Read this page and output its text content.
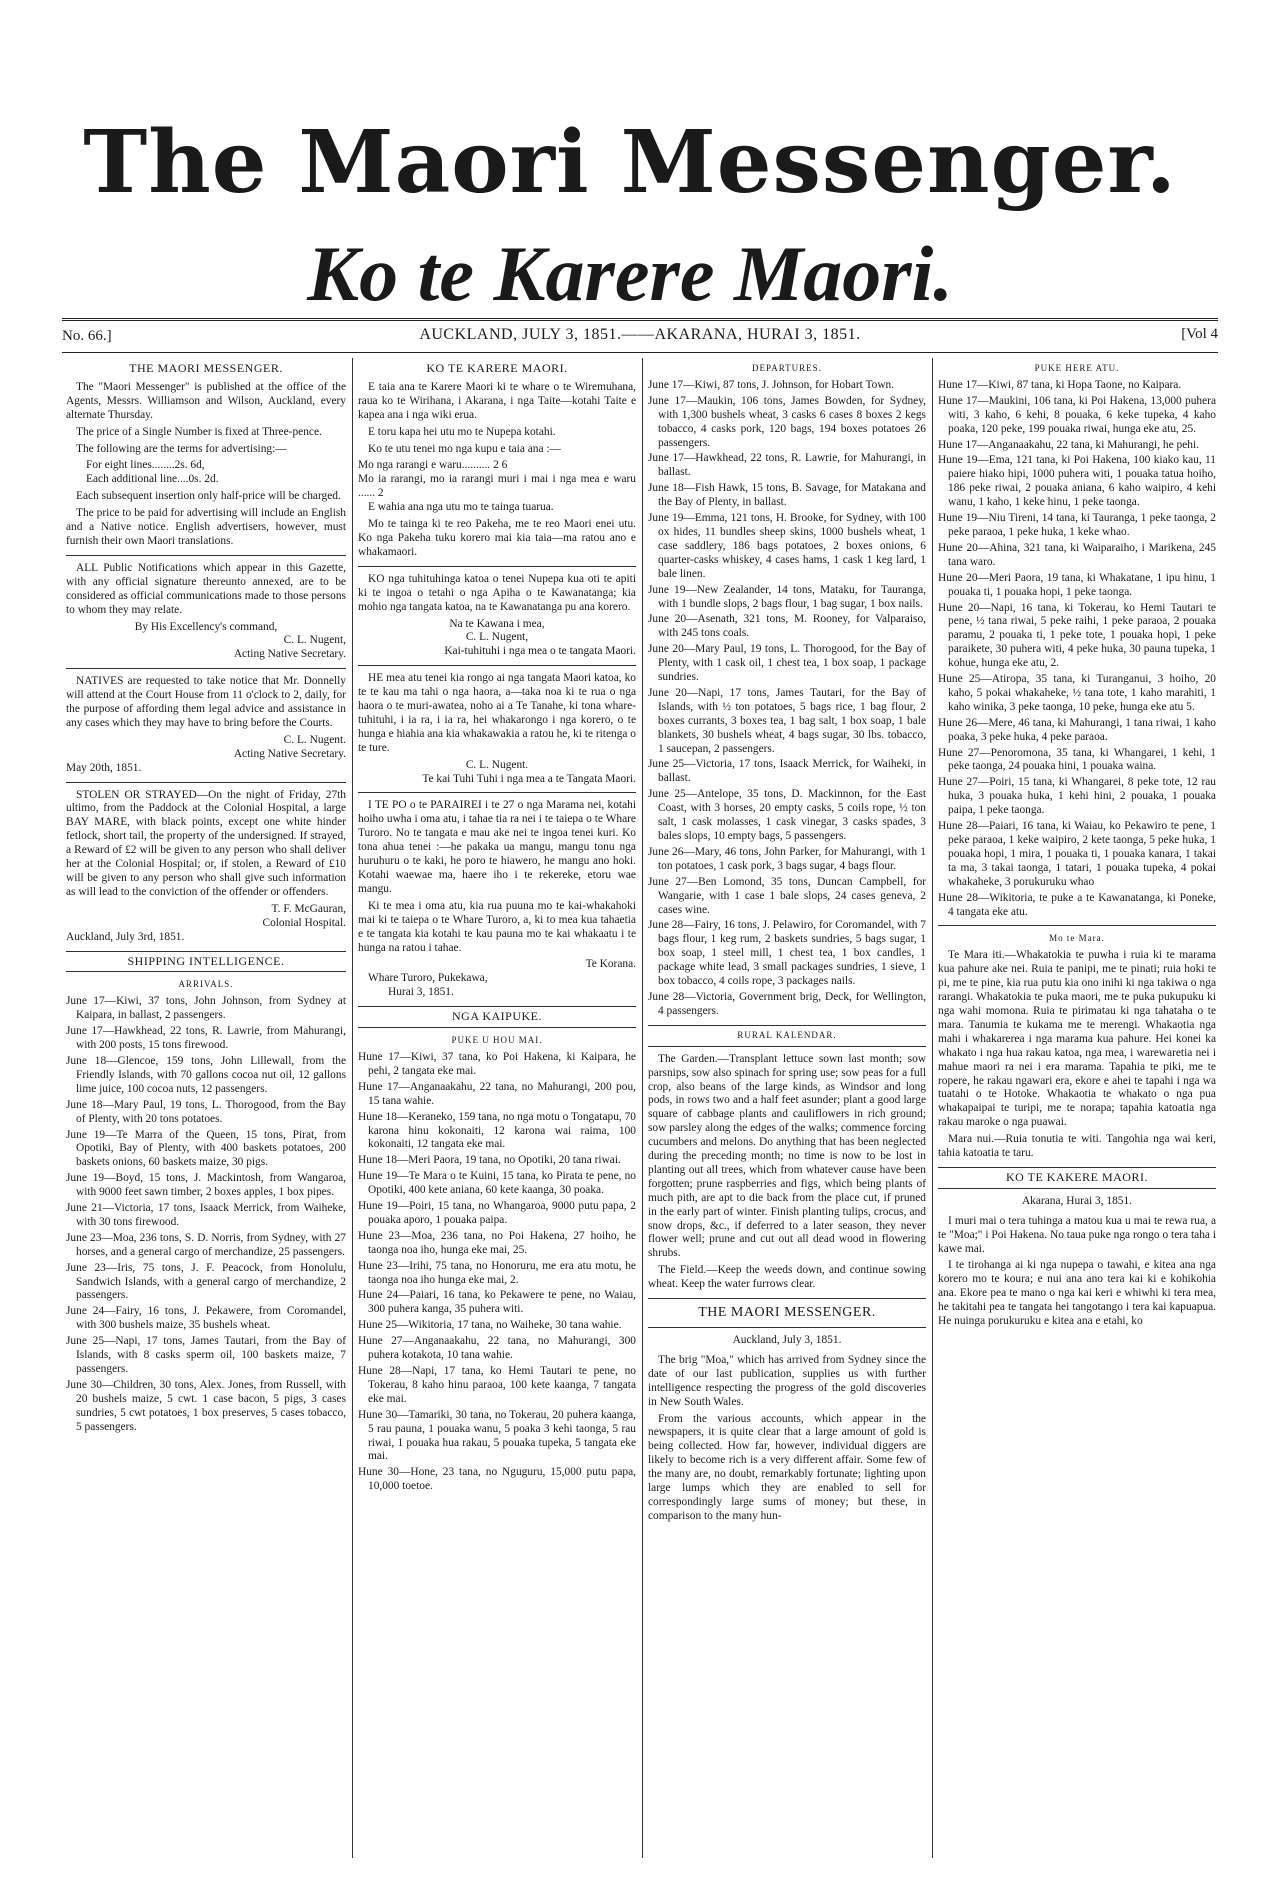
The Maori Messenger.
Ko te Karere Maori.
No. 66.]	AUCKLAND, JULY 3, 1851.——AKARANA, HURAI 3, 1851.	[Vol 4
THE MAORI MESSENGER.

The "Maori Messenger" is published at the office of the Agents, Messrs. Williamson and Wilson, Auckland, every alternate Thursday.

The price of a Single Number is fixed at Three-pence.

The following are the terms for advertising:—

For eight lines........2s. 6d,

Each additional line....0s. 2d.

Each subsequent insertion only half-price will be charged.

The price to be paid for advertising will include an English and a Native notice. English advertisers, however, must furnish their own Maori translations.

ALL Public Notifications which appear in this Gazette, with any official signature thereunto annexed, are to be considered as official communications made to those persons to whom they may relate.

By His Excellency's command,

C. L. Nugent,

Acting Native Secretary.

NATIVES are requested to take notice that Mr. Donnelly will attend at the Court House from 11 o'clock to 2, daily, for the purpose of affording them legal advice and assistance in any cases which they may have to bring before the Courts.

C. L. Nugent.

Acting Native Secretary.

May 20th, 1851.

STOLEN OR STRAYED—On the night of Friday, 27th ultimo, from the Paddock at the Colonial Hospital, a large BAY MARE, with black points, except one white hinder fetlock, short tail, the property of the undersigned. If strayed, a Reward of £2 will be given to any person who shall deliver her at the Colonial Hospital; or, if stolen, a Reward of £10 will be given to any person who shall give such information as will lead to the conviction of the offender or offenders.

T. F. McGauran,

Colonial Hospital.

Auckland, July 3rd, 1851.

SHIPPING INTELLIGENCE.
ARRIVALS.

June 17—Kiwi, 37 tons, John Johnson, from Sydney at Kaipara, in ballast, 2 passengers.

June 17—Hawkhead, 22 tons, R. Lawrie, from Mahurangi, with 200 posts, 15 tons firewood.

June 18—Glencoe, 159 tons, John Lillewall, from the Friendly Islands, with 70 gallons cocoa nut oil, 12 gallons lime juice, 100 cocoa nuts, 12 passengers.

June 18—Mary Paul, 19 tons, L. Thorogood, from the Bay of Plenty, with 20 tons potatoes.

June 19—Te Marra of the Queen, 15 tons, Pirat, from Opotiki, Bay of Plenty, with 400 baskets potatoes, 200 baskets onions, 60 baskets maize, 30 pigs.

June 19—Boyd, 15 tons, J. Mackintosh, from Wangaroa, with 9000 feet sawn timber, 2 boxes apples, 1 box pipes.

June 21—Victoria, 17 tons, Isaack Merrick, from Waiheke, with 30 tons firewood.

June 23—Moa, 236 tons, S. D. Norris, from Sydney, with 27 horses, and a general cargo of merchandize, 25 passengers.

June 23—Iris, 75 tons, J. F. Peacock, from Honolulu, Sandwich Islands, with a general cargo of merchandize, 2 passengers.

June 24—Fairy, 16 tons, J. Pekawere, from Coromandel, with 300 bushels maize, 35 bushels wheat.

June 25—Napi, 17 tons, James Tautari, from the Bay of Islands, with 8 casks sperm oil, 100 baskets maize, 7 passengers.

June 30—Children, 30 tons, Alex. Jones, from Russell, with 20 bushels maize, 5 cwt. 1 case bacon, 5 pigs, 3 cases sundries, 5 cwt potatoes, 1 box preserves, 5 cases tobacco, 5 passengers.

KO TE KARERE MAORI.

E taia ana te Karere Maori ki te whare o te Wiremuhana, raua ko te Wirihana, i Akarana, i nga Taite—kotahi Taite e kapea ana i nga wiki erua.

E toru kapa hei utu mo te Nupepa kotahi.

Ko te utu tenei mo nga kupu e taia ana :—

Mo nga rarangi e waru.......... 2 6

Mo ia rarangi, mo ia rarangi muri i mai i nga mea e waru ...... 2

E wahia ana nga utu mo te tainga tuarua.

Mo te tainga ki te reo Pakeha, me te reo Maori enei utu. Ko nga Pakeha tuku korero mai kia taia—ma ratou ano e whakamaori.

KO nga tuhituhinga katoa o tenei Nupepa kua oti te apiti ki te ingoa o tetahi o nga Apiha o te Kawanatanga; kia mohio nga tangata katoa, na te Kawanatanga pu ana korero.

Na te Kawana i mea,

C. L. Nugent,

Kai-tuhituhi i nga mea o te tangata Maori.

HE mea atu tenei kia rongo ai nga tangata Maori katoa, ko te te kau ma tahi o nga haora, a—taka noa ki te rua o nga haora o te muri-awatea, noho ai a Te Tanahe, ki tona whare-tuhituhi, i ia ra, i ia ra, hei whakarongo i nga korero, o te hunga e hiahia ana kia whakawakia a ratou he, ki te ritenga o te ture.

C. L. Nugent.

Te kai Tuhi Tuhi i nga mea a te Tangata Maori.

I TE PO o te PARAIREI i te 27 o nga Marama nei, kotahi hoiho uwha i oma atu, i tahae tia ra nei i te taiepa o te Whare Turoro. No te tangata e mau ake nei te ingoa tenei kuri. Ko tona ahua tenei :—he pakaka ua mangu, mangu tonu nga huruhuru o te kaki, he poro te hiawero, he mangu ano hoki. Kotahi waewae ma, haere iho i te rekereke, etoru wae mangu.

Ki te mea i oma atu, kia rua puuna mo te kai-whakahoki mai ki te taiepa o te Whare Turoro, a, ki to mea kua tahaetia e te tangata kia kotahi te kau pauna mo te kai whakaatu i te hunga na ratou i tahae.

Te Korana.

Whare Turoro, Pukekawa,

Hurai 3, 1851.

NGA KAIPUKE.
PUKE U HOU MAI.

Hune 17—Kiwi, 37 tana, ko Poi Hakena, ki Kaipara, he pehi, 2 tangata eke mai.

Hune 17—Anganaakahu, 22 tana, no Mahurangi, 200 pou, 15 tana wahie.

Hune 18—Keraneko, 159 tana, no nga motu o Tongatapu, 70 karona hinu kokonaiti, 12 karona wai raima, 100 kokonaiti, 12 tangata eke mai.

Hune 18—Meri Paora, 19 tana, no Opotiki, 20 tana riwai.

Hune 19—Te Mara o te Kuini, 15 tana, ko Pirata te pene, no Opotiki, 400 kete aniana, 60 kete kaanga, 30 poaka.

Hune 19—Poiri, 15 tana, no Whangaroa, 9000 putu papa, 2 pouaka aporo, 1 pouaka paipa.

Hune 23—Moa, 236 tana, no Poi Hakena, 27 hoiho, he taonga noa iho, hunga eke mai, 25.

Hune 23—Irihi, 75 tana, no Honoruru, me era atu motu, he taonga noa iho hunga eke mai, 2.

Hune 24—Paiari, 16 tana, ko Pekawere te pene, no Waiau, 300 puhera kanga, 35 puhera witi.

Hune 25—Wikitoria, 17 tana, no Waiheke, 30 tana wahie.

Hune 27—Anganaakahu, 22 tana, no Mahurangi, 300 puhera kotakota, 10 tana wahie.

Hune 28—Napi, 17 tana, ko Hemi Tautari te pene, no Tokerau, 8 kaho hinu paraoa, 100 kete kaanga, 7 tangata eke mai.

Hune 30—Tamariki, 30 tana, no Tokerau, 20 puhera kaanga, 5 rau pauna, 1 pouaka wanu, 5 poaka 3 kehi taonga, 5 rau riwai, 1 pouaka hua rakau, 5 pouaka tupeka, 5 tangata eke mai.

Hune 30—Hone, 23 tana, no Nguguru, 15,000 putu papa, 10,000 toetoe.

DEPARTURES.

June 17—Kiwi, 87 tons, J. Johnson, for Hobart Town.

June 17—Maukin, 106 tons, James Bowden, for Sydney, with 1,300 bushels wheat, 3 casks 6 cases 8 boxes 2 kegs tobacco, 4 casks pork, 120 bags, 194 boxes potatoes 26 passengers.

June 17—Hawkhead, 22 tons, R. Lawrie, for Mahurangi, in ballast.

June 18—Fish Hawk, 15 tons, B. Savage, for Matakana and the Bay of Plenty, in ballast.

June 19—Emma, 121 tons, H. Brooke, for Sydney, with 100 ox hides, 11 bundles sheep skins, 1000 bushels wheat, 1 case saddlery, 186 bags potatoes, 2 boxes onions, 6 quarter-casks whiskey, 4 cases hams, 1 cask 1 keg lard, 1 bale linen.

June 19—New Zealander, 14 tons, Mataku, for Tauranga, with 1 bundle slops, 2 bags flour, 1 bag sugar, 1 box nails.

June 20—Asenath, 321 tons, M. Rooney, for Valparaiso, with 245 tons coals.

June 20—Mary Paul, 19 tons, L. Thorogood, for the Bay of Plenty, with 1 cask oil, 1 chest tea, 1 box soap, 1 package sundries.

June 20—Napi, 17 tons, James Tautari, for the Bay of Islands, with ½ ton potatoes, 5 bags rice, 1 bag flour, 2 boxes currants, 3 boxes tea, 1 bag salt, 1 box soap, 1 bale blankets, 30 bushels wheat, 4 bags sugar, 30 lbs. tobacco, 1 saucepan, 2 passengers.

June 25—Victoria, 17 tons, Isaack Merrick, for Waiheki, in ballast.

June 25—Antelope, 35 tons, D. Mackinnon, for the East Coast, with 3 horses, 20 empty casks, 5 coils rope, ½ ton salt, 1 cask molasses, 1 cask vinegar, 3 casks spades, 3 bales slops, 10 empty bags, 5 passengers.

June 26—Mary, 46 tons, John Parker, for Mahurangi, with 1 ton potatoes, 1 cask pork, 3 bags sugar, 4 bags flour.

June 27—Ben Lomond, 35 tons, Duncan Campbell, for Wangarie, with 1 case 1 bale slops, 24 cases geneva, 2 cases wine.

June 28—Fairy, 16 tons, J. Pelawiro, for Coromandel, with 7 bags flour, 1 keg rum, 2 baskets sundries, 5 bags sugar, 1 box soap, 1 steel mill, 1 chest tea, 1 box candles, 1 package white lead, 3 small packages sundries, 1 sieve, 1 box tobacco, 4 coils rope, 3 packages nails.

June 28—Victoria, Government brig, Deck, for Wellington, 4 passengers.

RURAL KALENDAR.

The Garden.—Transplant lettuce sown last month; sow parsnips, sow also spinach for spring use; sow peas for a full crop, also beans of the large kinds, as Windsor and long pods, in rows two and a half feet asunder; plant a good large square of cabbage plants and cauliflowers in rich ground; sow parsley along the edges of the walks; commence forcing cucumbers and melons. Do anything that has been neglected during the preceding month; no time is now to be lost in planting out all trees, which from whatever cause have been forgotten; prune raspberries and figs, which being plants of much pith, are apt to die back from the place cut, if pruned in the early part of winter. Finish planting tulips, crocus, and snow drops, &c., if deferred to a later season, they never flower well; prune and cut out all dead wood in flowering shrubs.

The Field.—Keep the weeds down, and continue sowing wheat. Keep the water furrows clear.

THE MAORI MESSENGER.
Auckland, July 3, 1851.

The brig "Moa," which has arrived from Sydney since the date of our last publication, supplies us with further intelligence respecting the progress of the gold discoveries in New South Wales.

From the various accounts, which appear in the newspapers, it is quite clear that a large amount of gold is being collected. How far, however, individual diggers are likely to become rich is a very different affair. Some few of the many are, no doubt, remarkably fortunate; lighting upon large lumps which they are enabled to sell for correspondingly large sums of money; but these, in comparison to the many hun-

PUKE HERE ATU.

Hune 17—Kiwi, 87 tana, ki Hopa Taone, no Kaipara.

Hune 17—Maukini, 106 tana, ki Poi Hakena, 13,000 puhera witi, 3 kaho, 6 kehi, 8 pouaka, 6 keke tupeka, 4 kaho poaka, 120 peke, 199 pouaka riwai, hunga eke atu, 25.

Hune 17—Anganaakahu, 22 tana, ki Mahurangi, he pehi.

Hune 19—Ema, 121 tana, ki Poi Hakena, 100 kiako kau, 11 paiere hiako hipi, 1000 puhera witi, 1 pouaka tatua hoiho, 186 peke riwai, 2 pouaka aniana, 6 kaho waipiro, 4 kehi wanu, 1 kaho, 1 keke hinu, 1 peke taonga.

Hune 19—Niu Tireni, 14 tana, ki Tauranga, 1 peke taonga, 2 peke paraoa, 1 peke huka, 1 keke whao.

Hune 20—Ahina, 321 tana, ki Waiparaiho, i Marikena, 245 tana waro.

Hune 20—Meri Paora, 19 tana, ki Whakatane, 1 ipu hinu, 1 pouaka ti, 1 pouaka hopi, 1 peke taonga.

Hune 20—Napi, 16 tana, ki Tokerau, ko Hemi Tautari te pene, ½ tana riwai, 5 peke raihi, 1 peke paraoa, 2 pouaka paramu, 2 pouaka ti, 1 peke tote, 1 pouaka hopi, 1 peke paraikete, 30 puhera witi, 4 peke huka, 30 pauna tupeka, 1 kohue, hunga eke atu, 2.

Hune 25—Atiropa, 35 tana, ki Turanganui, 3 hoiho, 20 kaho, 5 pokai whakaheke, ½ tana tote, 1 kaho marahiti, 1 kaho winika, 3 peke taonga, 10 peke, hunga eke atu 5.

Hune 26—Mere, 46 tana, ki Mahurangi, 1 tana riwai, 1 kaho poaka, 3 peke huka, 4 peke paraoa.

Hune 27—Penoromona, 35 tana, ki Whangarei, 1 kehi, 1 peke taonga, 24 pouaka hini, 1 pouaka waina.

Hune 27—Poiri, 15 tana, ki Whangarei, 8 peke tote, 12 rau huka, 3 pouaka huka, 1 kehi hini, 2 pouaka, 1 pouaka paipa, 1 peke taonga.

Hune 28—Paiari, 16 tana, ki Waiau, ko Pekawiro te pene, 1 peke paraoa, 1 keke waipiro, 2 kete taonga, 5 peke huka, 1 pouaka hopi, 1 mira, 1 pouaka ti, 1 pouaka kanara, 1 takai ta ma, 3 takai taonga, 1 tatari, 1 pouaka tupeka, 4 pokai whakaheke, 3 porukuruku whao

Hune 28—Wikitoria, te puke a te Kawanatanga, ki Poneke, 4 tangata eke atu.

Mo te Mara.

Te Mara iti.—Whakatokia te puwha i ruia ki te marama kua pahure ake nei. Ruia te panipi, me te pinati; ruia hoki te pi, me te pine, kia rua putu kia ono inihi ki nga takiwa o nga rarangi. Whakatokia te puka maori, me te puka pukupuku ki nga wahi momona. Ruia te pirimatau ki nga tahataha o te mara. Tanumia te kukama me te merengi. Whakaotia nga mahi i whakarerea i nga marama kua pahure. Hei konei ka whakato i nga hua rakau katoa, nga mea, i warewaretia nei i mahue maori ra nei i era marama. Tapahia te piki, me te ropere, he rakau ngawari era, ekore e ahei te tapahi i nga wa tuatahi o te Hotoke. Whakaotia te whakato o nga pua whakapaipai te turipi, me te norapa; tapahia katoatia nga rakau maroke o nga puawai.

Mara nui.—Ruia tonutia te witi. Tangohia nga wai keri, tahia katoatia te taru.

KO TE KAKERE MAORI.
Akarana, Hurai 3, 1851.

I muri mai o tera tuhinga a matou kua u mai te rewa rua, a te "Moa;" i Poi Hakena. No taua puke nga rongo o tera taha i kawe mai.

I te tirohanga ai ki nga nupepa o tawahi, e kitea ana nga korero mo te koura; e nui ana ano tera kai ki e kohikohia ana. Ekore pea te mano o nga kai keri e whiwhi ki tera mea, he takitahi pea te tangata hei tangotango i tera kai kapuapua. He nuinga porukuruku e kitea ana e etahi, ko
